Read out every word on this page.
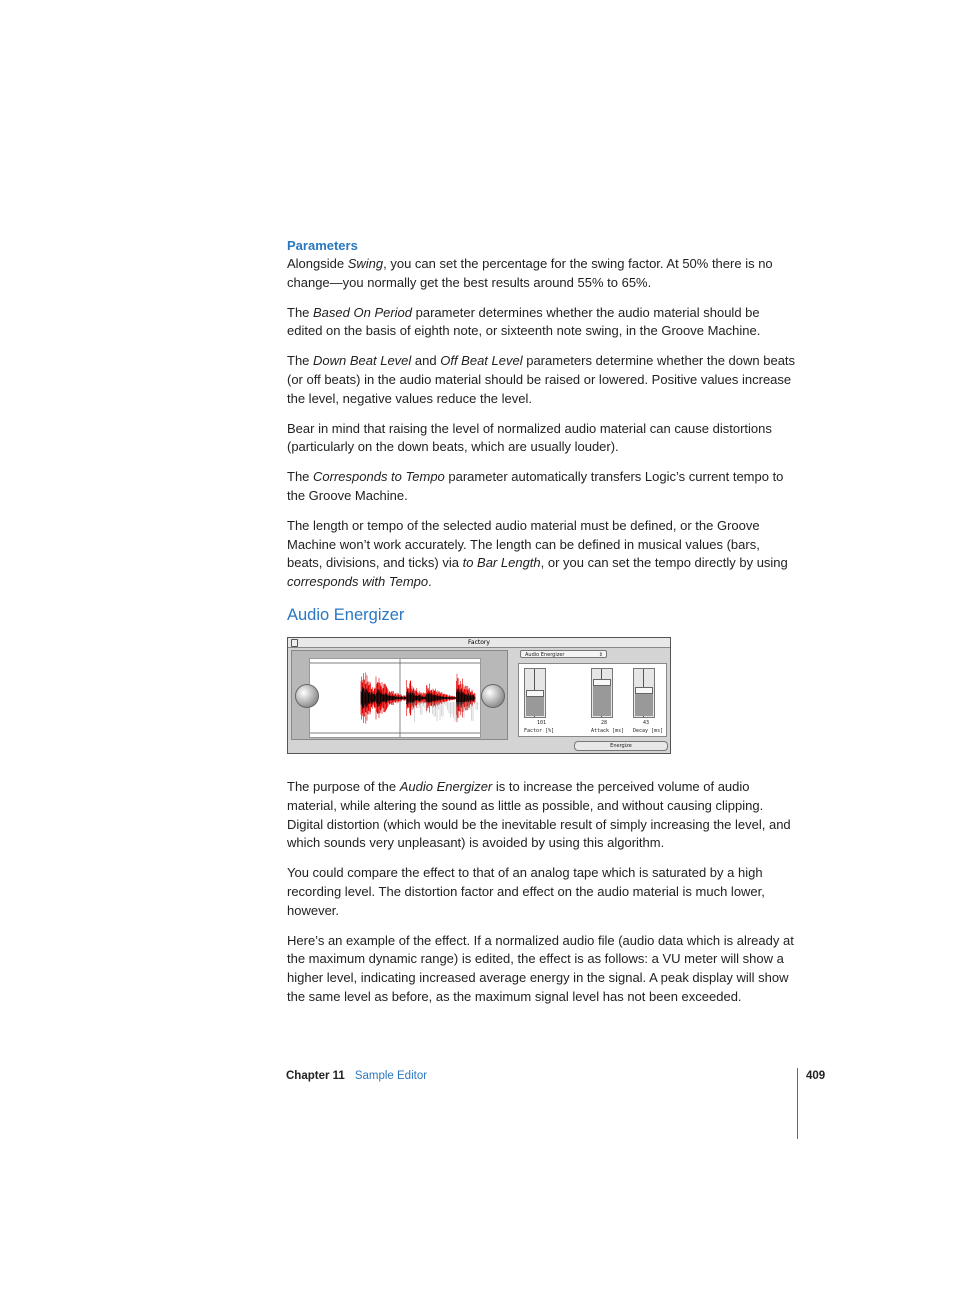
Parameters

Alongside Swing, you can set the percentage for the swing factor. At 50% there is no change—you normally get the best results around 55% to 65%.

The Based On Period parameter determines whether the audio material should be edited on the basis of eighth note, or sixteenth note swing, in the Groove Machine.

The Down Beat Level and Off Beat Level parameters determine whether the down beats (or off beats) in the audio material should be raised or lowered. Positive values increase the level, negative values reduce the level.

Bear in mind that raising the level of normalized audio material can cause distortions (particularly on the down beats, which are usually louder).

The Corresponds to Tempo parameter automatically transfers Logic’s current tempo to the Groove Machine.

The length or tempo of the selected audio material must be defined, or the Groove Machine won’t work accurately. The length can be defined in musical values (bars, beats, divisions, and ticks) via to Bar Length, or you can set the tempo directly by using corresponds with Tempo.

Audio Energizer
Factory
Audio Energizer	⇕
101	28	43
Factor [%]	Attack [ms] Decay [ms]
Energize

The purpose of the Audio Energizer is to increase the perceived volume of audio material, while altering the sound as little as possible, and without causing clipping. Digital distortion (which would be the inevitable result of simply increasing the level, and which sounds very unpleasant) is avoided by using this algorithm.

You could compare the effect to that of an analog tape which is saturated by a high recording level. The distortion factor and effect on the audio material is much lower, however.

Here’s an example of the effect. If a normalized audio file (audio data which is already at the maximum dynamic range) is edited, the effect is as follows: a VU meter will show a higher level, indicating increased average energy in the signal. A peak display will show the same level as before, as the maximum signal level has not been exceeded.

Chapter 11 Sample Editor	409
